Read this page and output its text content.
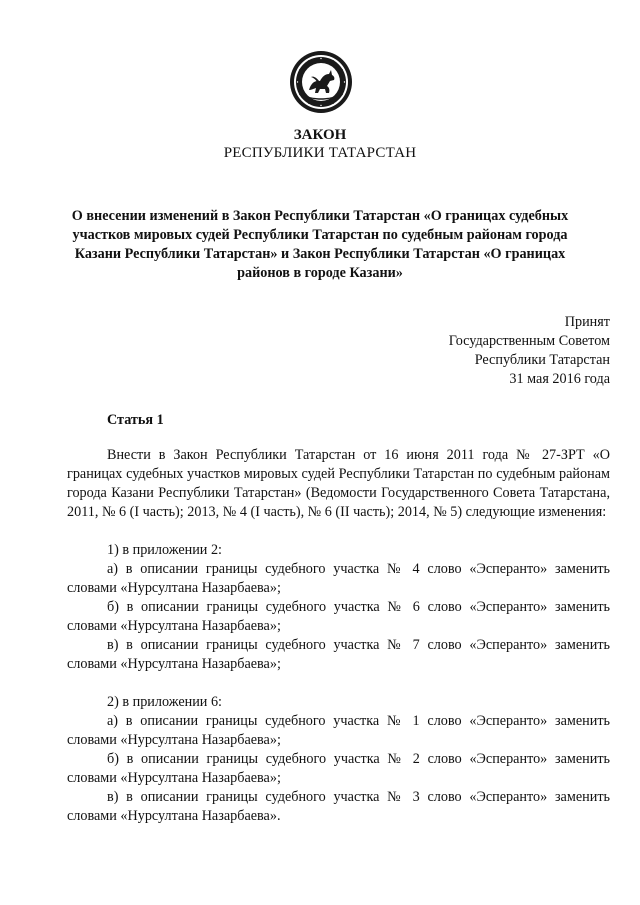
ЗАКОН
РЕСПУБЛИКИ ТАТАРСТАН
О внесении изменений в Закон Республики Татарстан «О границах судебных участков мировых судей Республики Татарстан по судебным районам города Казани Республики Татарстан» и Закон Республики Татарстан «О границах районов в городе Казани»
Принят
Государственным Советом
Республики Татарстан
31 мая 2016 года
Статья 1

Внести в Закон Республики Татарстан от 16 июня 2011 года № 27-ЗРТ «О границах судебных участков мировых судей Республики Татарстан по судебным районам города Казани Республики Татарстан» (Ведомости Государственного Совета Татарстана, 2011, № 6 (I часть); 2013, № 4 (I часть), № 6 (II часть); 2014, № 5) следующие изменения:

1) в приложении 2:

а) в описании границы судебного участка № 4 слово «Эсперанто» заменить словами «Нурсултана Назарбаева»;

б) в описании границы судебного участка № 6 слово «Эсперанто» заменить словами «Нурсултана Назарбаева»;

в) в описании границы судебного участка № 7 слово «Эсперанто» заменить словами «Нурсултана Назарбаева»;

2) в приложении 6:

а) в описании границы судебного участка № 1 слово «Эсперанто» заменить словами «Нурсултана Назарбаева»;

б) в описании границы судебного участка № 2 слово «Эсперанто» заменить словами «Нурсултана Назарбаева»;

в) в описании границы судебного участка № 3 слово «Эсперанто» заменить словами «Нурсултана Назарбаева».
